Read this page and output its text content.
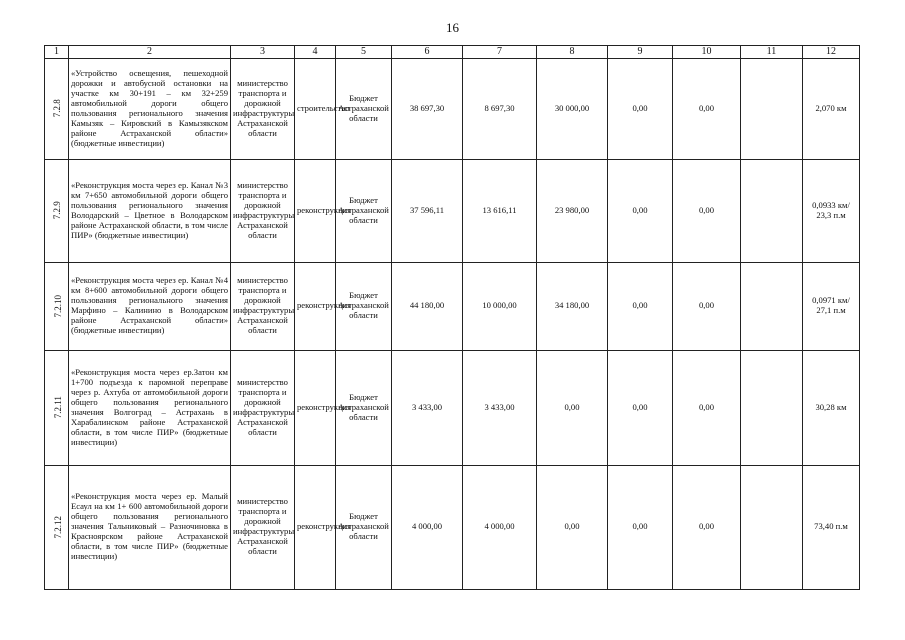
16
1	2	3	4	5	6	7	8	9	10	11	12
7.2.8	«Устройство освещения, пешеходной дорожки и автобусной остановки на участке км 30+191 – км 32+259 автомобильной дороги общего пользования регионального значения Камызяк – Кировский в Камызякском районе Астраханской области» (бюджетные инвестиции)	министерство транспорта и дорожной инфраструктуры Астраханской области	строительство	Бюджет Астраханской области	38 697,30	8 697,30	30 000,00	0,00	0,00		2,070 км
7.2.9	«Реконструкция моста через ер. Канал №3 км 7+650 автомобильной дороги общего пользования регионального значения Володарский – Цветное в Володарском районе Астраханской области, в том числе ПИР» (бюджетные инвестиции)	министерство транспорта и дорожной инфраструктуры Астраханской области	реконструкция	Бюджет Астраханской области	37 596,11	13 616,11	23 980,00	0,00	0,00		0,0933 км/ 23,3 п.м
7.2.10	«Реконструкция моста через ер. Канал №4 км 8+600 автомобильной дороги общего пользования регионального значения Марфино – Калинино в Володарском районе Астраханской области» (бюджетные инвестиции)	министерство транспорта и дорожной инфраструктуры Астраханской области	реконструкция	Бюджет Астраханской области	44 180,00	10 000,00	34 180,00	0,00	0,00		0,0971 км/ 27,1 п.м
7.2.11	«Реконструкция моста через ер.Затон км 1+700 подъезда к паромной переправе через р. Ахтуба от автомобильной дороги общего пользования регионального значения Волгоград – Астрахань в Харабалинском районе Астраханской области, в том числе ПИР» (бюджетные инвестиции)	министерство транспорта и дорожной инфраструктуры Астраханской области	реконструкция	Бюджет Астраханской области	3 433,00	3 433,00	0,00	0,00	0,00		30,28 км
7.2.12	«Реконструкция моста через ер. Малый Есаул на км 1+ 600 автомобильной дороги общего пользования регионального значения Тальниковый – Разночиновка в Красноярском районе Астраханской области, в том числе ПИР» (бюджетные инвестиции)	министерство транспорта и дорожной инфраструктуры Астраханской области	реконструкция	Бюджет Астраханской области	4 000,00	4 000,00	0,00	0,00	0,00		73,40 п.м
